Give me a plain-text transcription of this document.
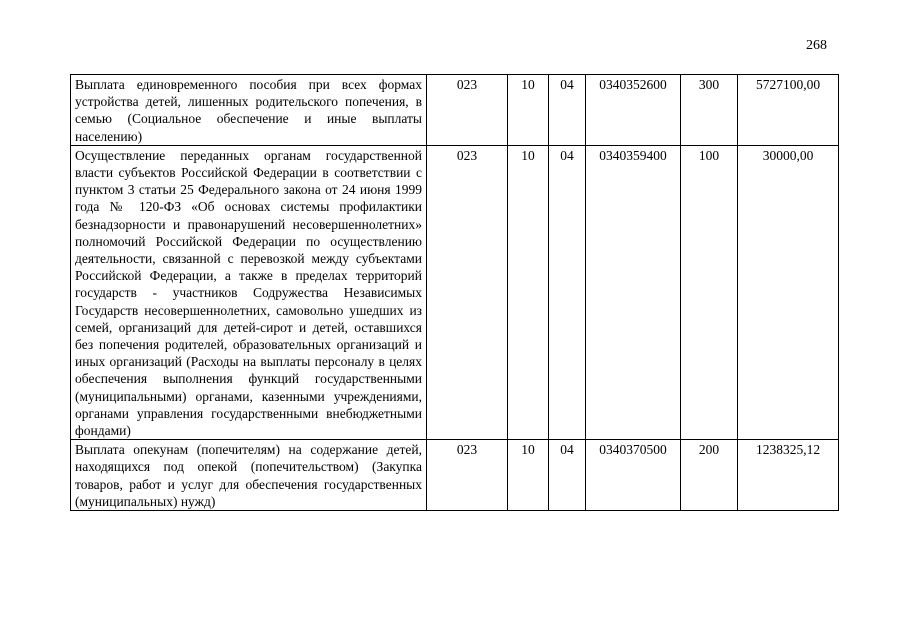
268
Выплата единовременного пособия при всех формах устройства детей, лишенных родительского попечения, в семью (Социальное обеспечение и иные выплаты населению)	023	10	04	0340352600	300	5727100,00
Осуществление переданных органам государственной власти субъектов Российской Федерации в соответствии с пунктом 3 статьи 25 Федерального закона от 24 июня 1999 года № 120-ФЗ «Об основах системы профилактики безнадзорности и правонарушений несовершеннолетних» полномочий Российской Федерации по осуществлению деятельности, связанной с перевозкой между субъектами Российской Федерации, а также в пределах территорий государств - участников Содружества Независимых Государств несовершеннолетних, самовольно ушедших из семей, организаций для детей-сирот и детей, оставшихся без попечения родителей, образовательных организаций и иных организаций (Расходы на выплаты персоналу в целях обеспечения выполнения функций государственными (муниципальными) органами, казенными учреждениями, органами управления государственными внебюджетными фондами)	023	10	04	0340359400	100	30000,00
Выплата опекунам (попечителям) на содержание детей, находящихся под опекой (попечительством) (Закупка товаров, работ и услуг для обеспечения государственных (муниципальных) нужд)	023	10	04	0340370500	200	1238325,12
